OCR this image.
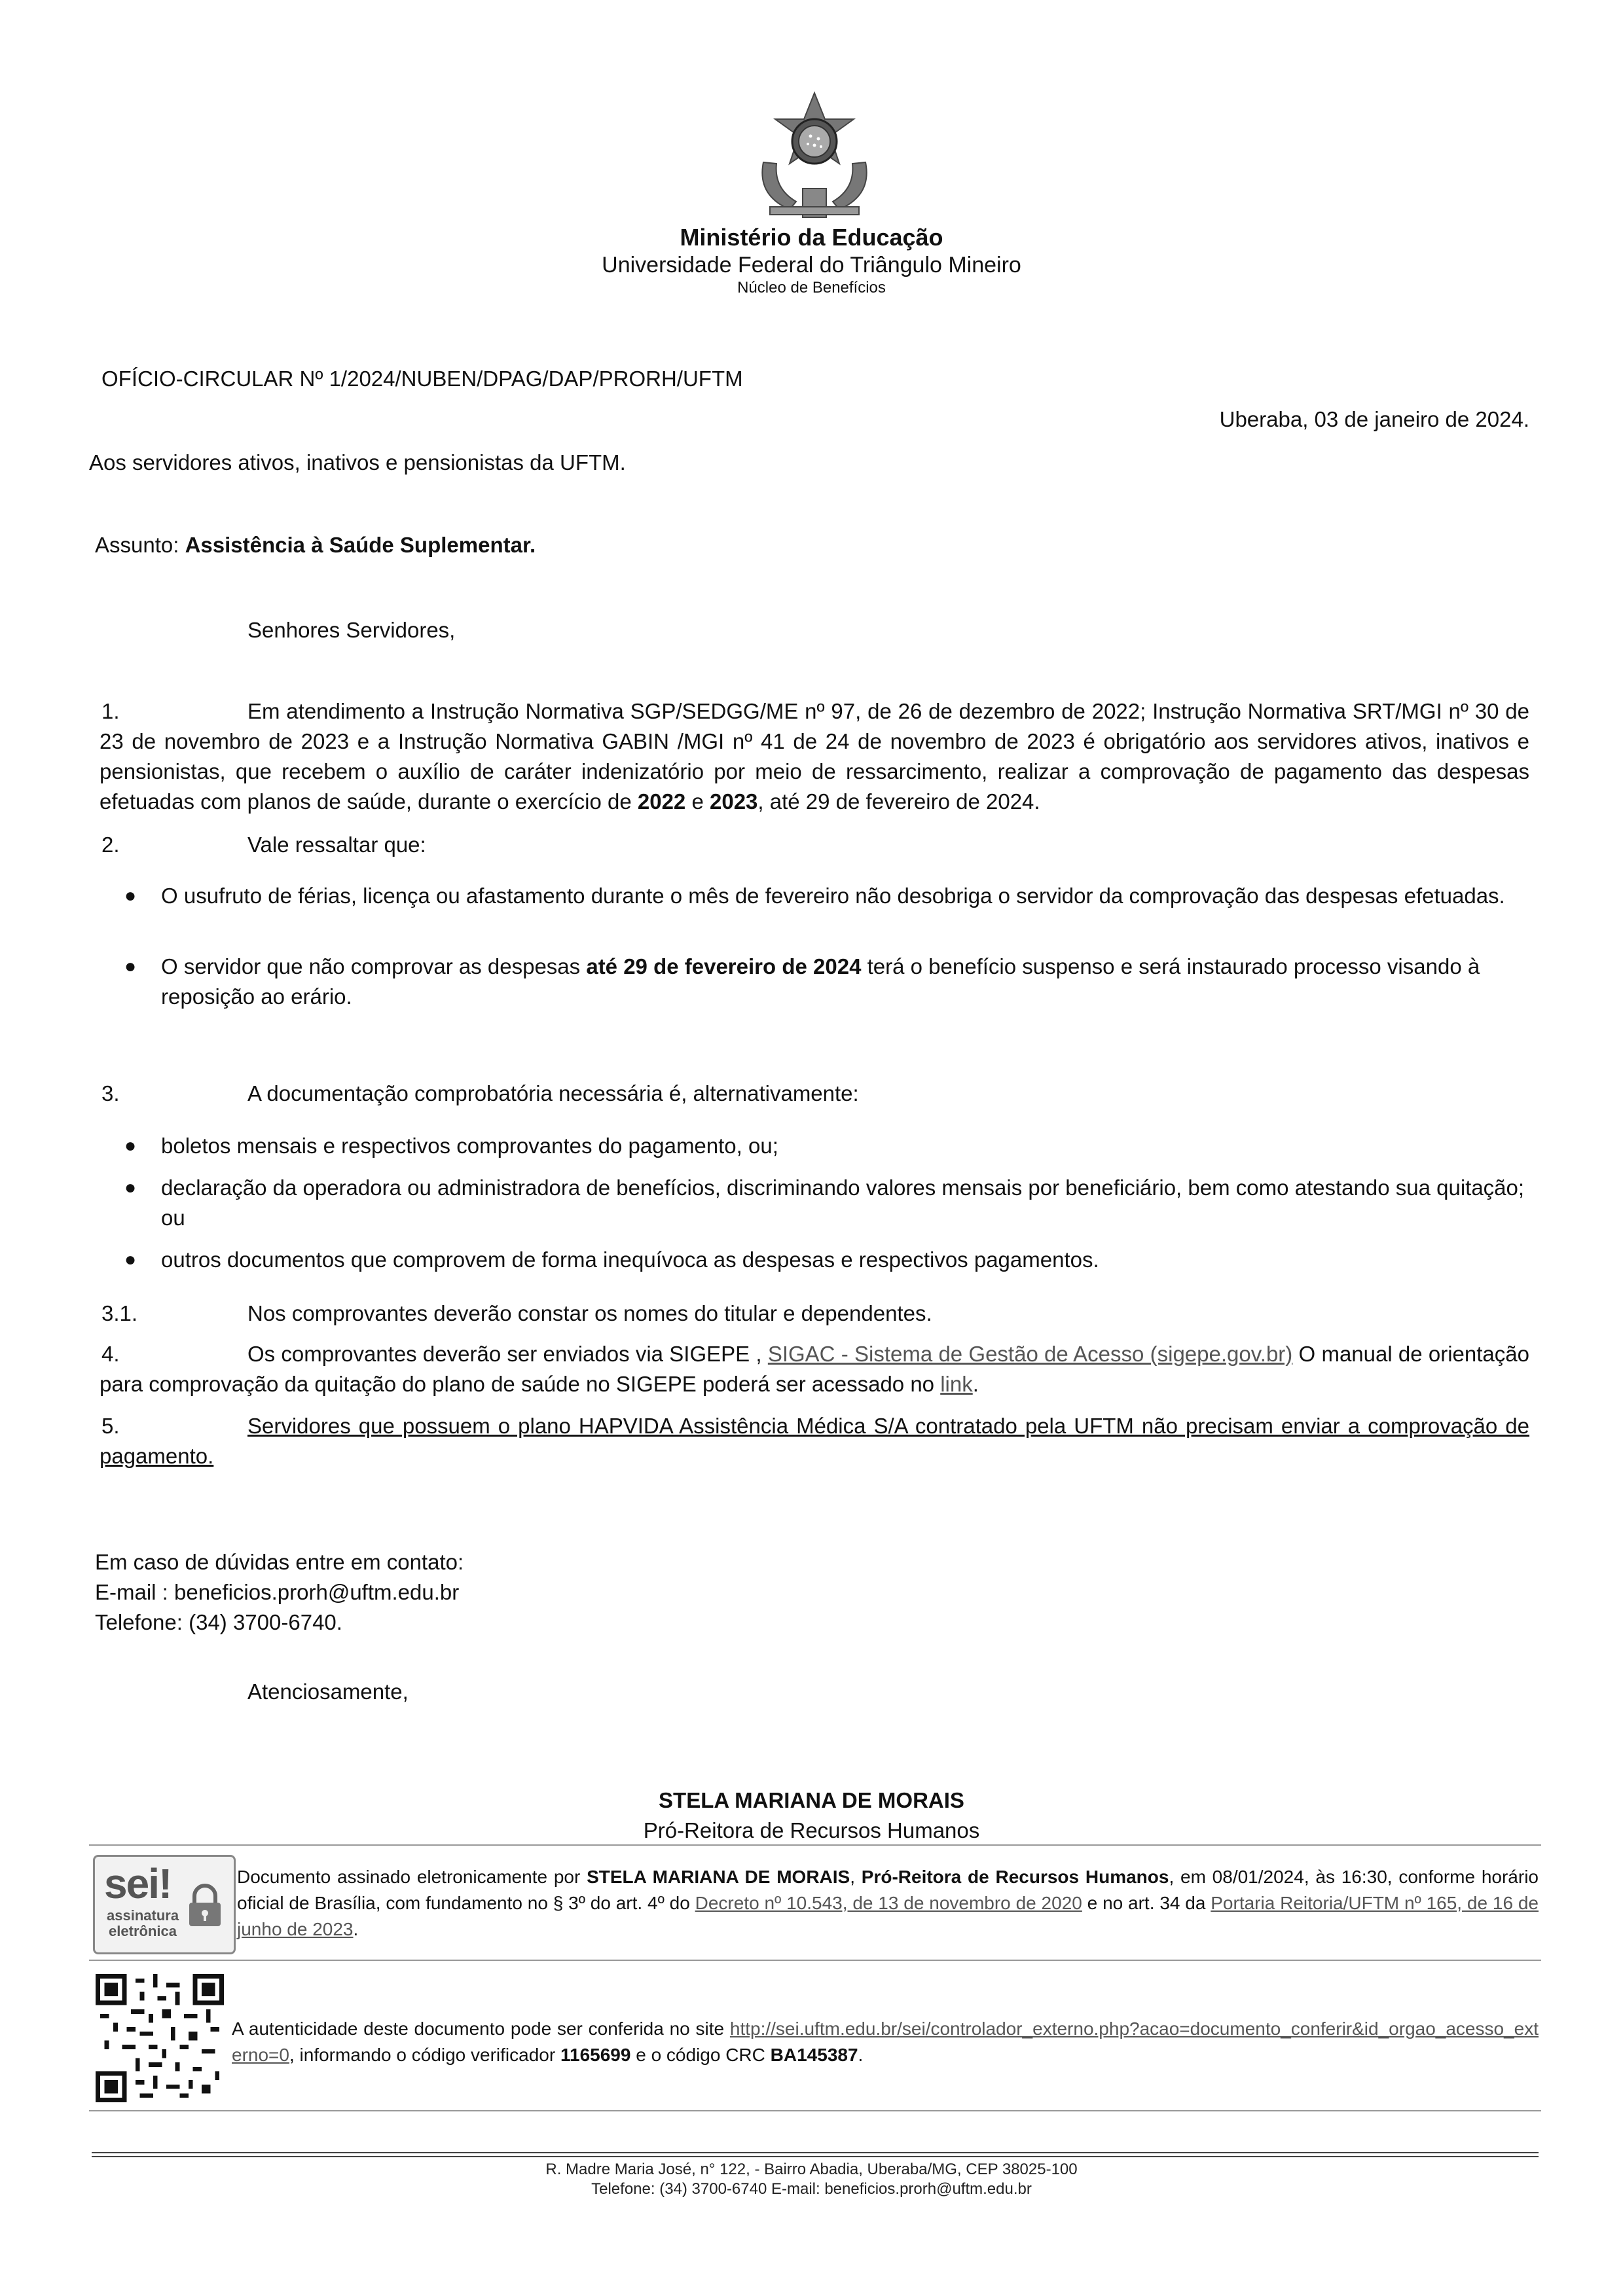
Ministério da Educação
Universidade Federal do Triângulo Mineiro
Núcleo de Benefícios
OFÍCIO-CIRCULAR Nº 1/2024/NUBEN/DPAG/DAP/PRORH/UFTM
Uberaba, 03 de janeiro de 2024.
Aos servidores ativos, inativos e pensionistas da UFTM.
Assunto: Assistência à Saúde Suplementar.
Senhores Servidores,
1.	Em atendimento a Instrução Normativa SGP/SEDGG/ME nº 97, de 26 de dezembro de 2022; Instrução Normativa SRT/MGI nº 30 de 23 de novembro de 2023 e a Instrução Normativa GABIN /MGI nº 41 de 24 de novembro de 2023 é obrigatório aos servidores ativos, inativos e pensionistas, que recebem o auxílio de caráter indenizatório por meio de ressarcimento, realizar a comprovação de pagamento das despesas efetuadas com planos de saúde, durante o exercício de 2022 e 2023, até 29 de fevereiro de 2024.
2.	Vale ressaltar que:
● O usufruto de férias, licença ou afastamento durante o mês de fevereiro não desobriga o servidor da comprovação das despesas efetuadas.
● O servidor que não comprovar as despesas até 29 de fevereiro de 2024 terá o benefício suspenso e será instaurado processo visando à reposição ao erário.
3.	A documentação comprobatória necessária é, alternativamente:
● boletos mensais e respectivos comprovantes do pagamento, ou;
● declaração da operadora ou administradora de benefícios, discriminando valores mensais por beneficiário, bem como atestando sua quitação; ou
● outros documentos que comprovem de forma inequívoca as despesas e respectivos pagamentos.
3.1.	Nos comprovantes deverão constar os nomes do titular e dependentes.
4.	Os comprovantes deverão ser enviados via SIGEPE , SIGAC - Sistema de Gestão de Acesso (sigepe.gov.br) O manual de orientação para comprovação da quitação do plano de saúde no SIGEPE poderá ser acessado no link.
5.	Servidores que possuem o plano HAPVIDA Assistência Médica S/A contratado pela UFTM não precisam enviar a comprovação de pagamento.
Em caso de dúvidas entre em contato:
E-mail : beneficios.prorh@uftm.edu.br
Telefone: (34) 3700-6740.
Atenciosamente,
STELA MARIANA DE MORAIS
Pró-Reitora de Recursos Humanos
sei!
assinatura
eletrônica
Documento assinado eletronicamente por STELA MARIANA DE MORAIS, Pró-Reitora de Recursos Humanos, em 08/01/2024, às 16:30, conforme horário oficial de Brasília, com fundamento no § 3º do art. 4º do Decreto nº 10.543, de 13 de novembro de 2020 e no art. 34 da Portaria Reitoria/UFTM nº 165, de 16 de junho de 2023.
A autenticidade deste documento pode ser conferida no site http://sei.uftm.edu.br/sei/controlador_externo.php?acao=documento_conferir&id_orgao_acesso_externo=0, informando o código verificador 1165699 e o código CRC BA145387.
R. Madre Maria José, n° 122, - Bairro Abadia, Uberaba/MG, CEP 38025-100
Telefone: (34) 3700-6740 E-mail: beneficios.prorh@uftm.edu.br
